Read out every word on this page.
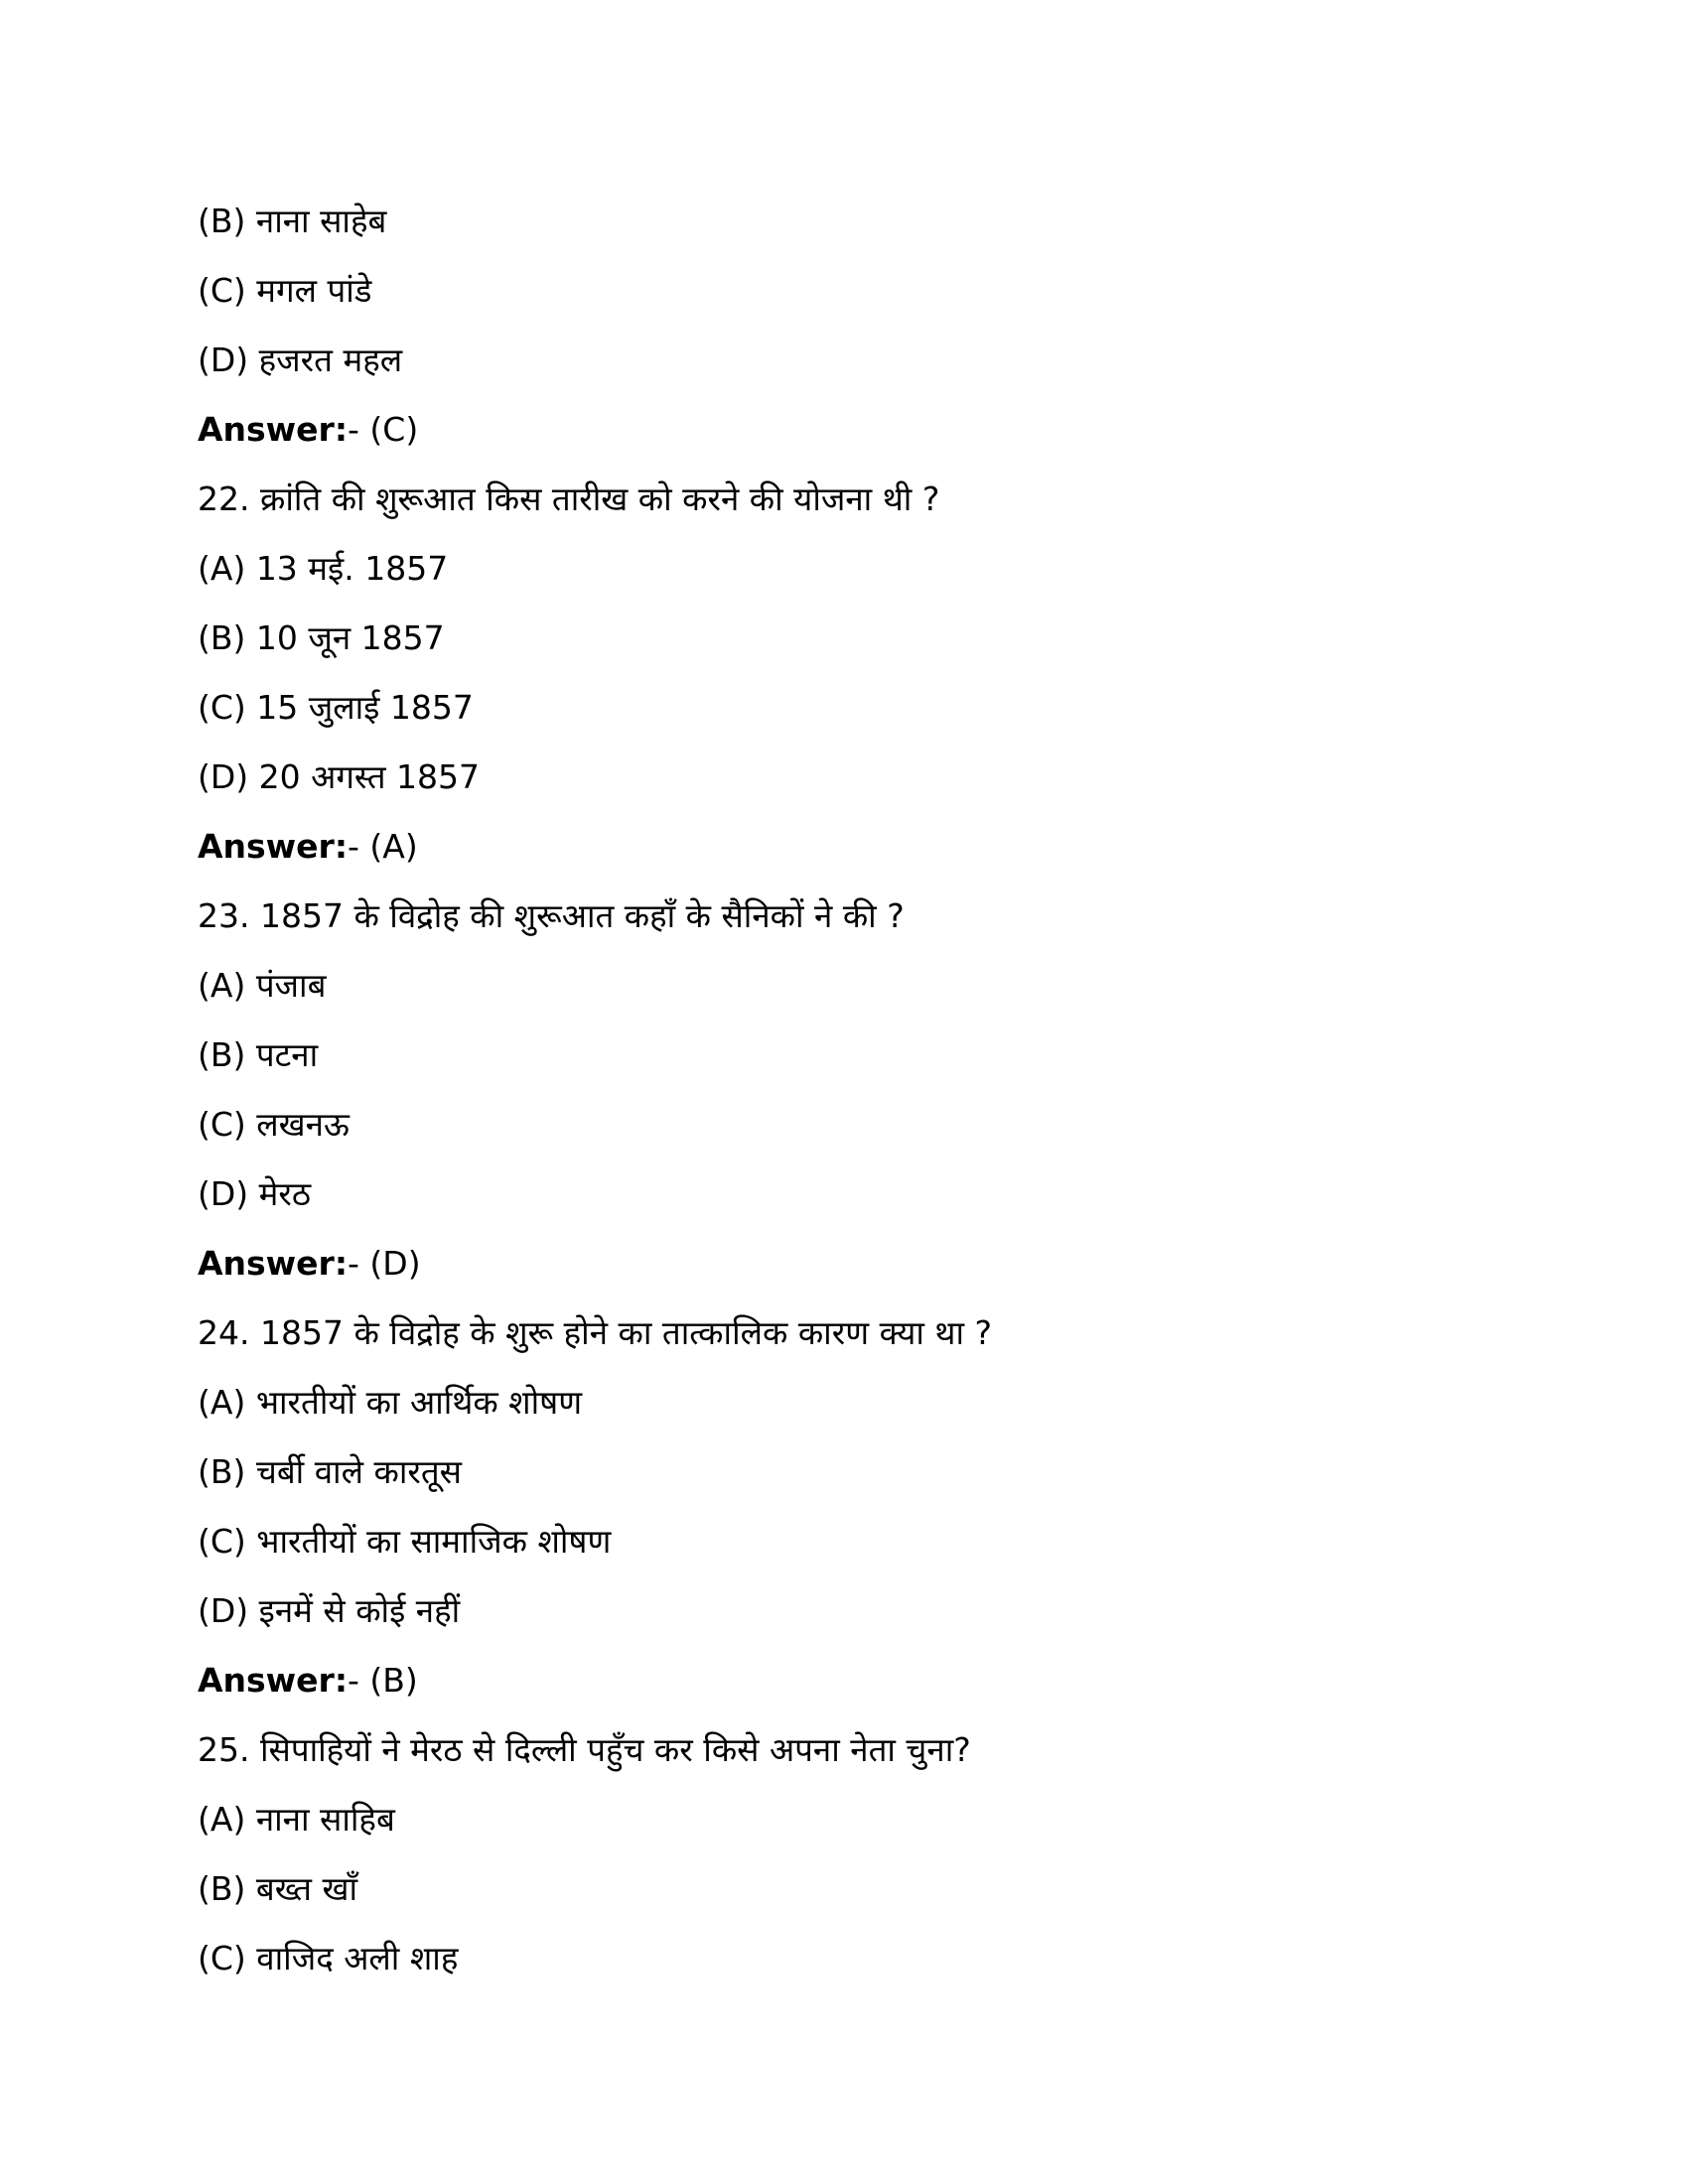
(B) नाना साहेब
(C) मगल पांडे
(D) हजरत महल
Answer:- (C)
22. क्रांति की शुरूआत किस तारीख को करने की योजना थी ?
(A) 13 मई. 1857
(B) 10 जून 1857
(C) 15 जुलाई 1857
(D) 20 अगस्त 1857
Answer:- (A)
23. 1857 के विद्रोह की शुरूआत कहाँ के सैनिकों ने की ?
(A) पंजाब
(B) पटना
(C) लखनऊ
(D) मेरठ
Answer:- (D)
24. 1857 के विद्रोह के शुरू होने का तात्कालिक कारण क्या था ?
(A) भारतीयों का आर्थिक शोषण
(B) चर्बी वाले कारतूस
(C) भारतीयों का सामाजिक शोषण
(D) इनमें से कोई नहीं
Answer:- (B)
25. सिपाहियों ने मेरठ से दिल्ली पहुँच कर किसे अपना नेता चुना?
(A) नाना साहिब
(B) बख्त खाँ
(C) वाजिद अली शाह
